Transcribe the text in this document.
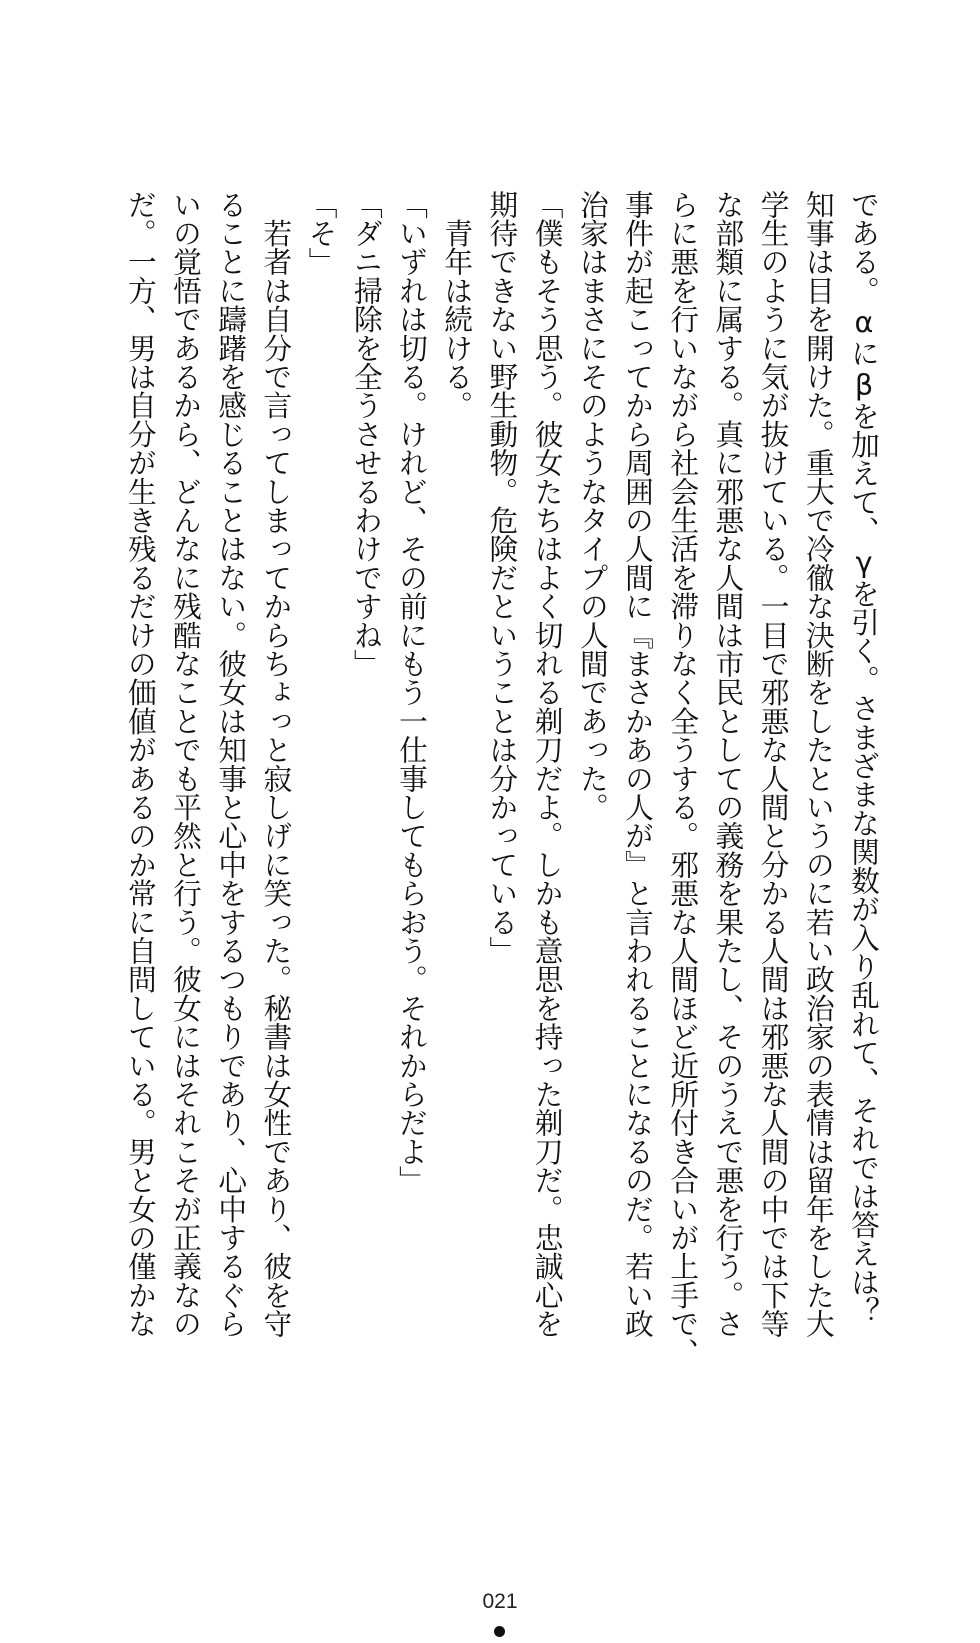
である。αにβを加えて、γを引く。さまざまな関数が入り乱れて、それでは答えは？
知事は目を開けた。重大で冷徹な決断をしたというのに若い政治家の表情は留年をした大
学生のように気が抜けている。一目で邪悪な人間と分かる人間は邪悪な人間の中では下等
な部類に属する。真に邪悪な人間は市民としての義務を果たし、そのうえで悪を行う。さ
らに悪を行いながら社会生活を滞りなく全うする。邪悪な人間ほど近所付き合いが上手で、
事件が起こってから周囲の人間に『まさかあの人が』と言われることになるのだ。若い政
治家はまさにそのようなタイプの人間であった。
「僕もそう思う。彼女たちはよく切れる剃刀だよ。しかも意思を持った剃刀だ。忠誠心を
期待できない野生動物。危険だということは分かっている」
　青年は続ける。
「いずれは切る。けれど、その前にもう一仕事してもらおう。それからだよ」
「ダニ掃除を全うさせるわけですね」
「そ」
　若者は自分で言ってしまってからちょっと寂しげに笑った。秘書は女性であり、彼を守
ることに躊躇を感じることはない。彼女は知事と心中をするつもりであり、心中するぐら
いの覚悟であるから、どんなに残酷なことでも平然と行う。彼女にはそれこそが正義なの
だ。一方、男は自分が生き残るだけの価値があるのか常に自問している。男と女の僅かな
021
